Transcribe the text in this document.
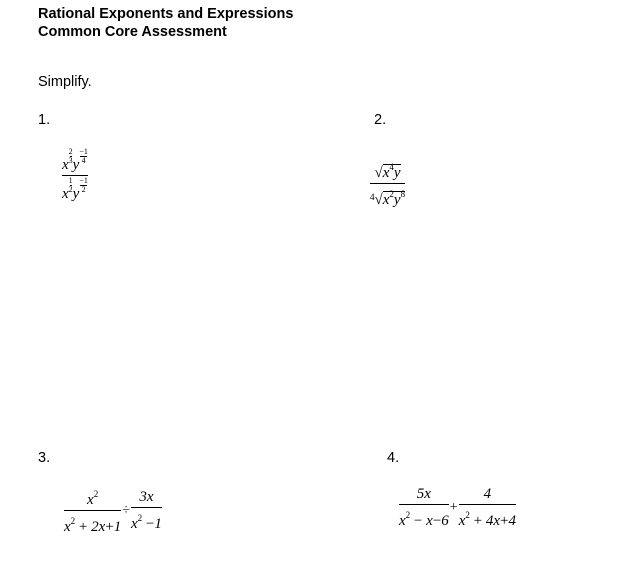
Rational Exponents and Expressions
Common Core Assessment
Simplify.
1.
$\frac{x\frac{2}{3}y\frac{-1}{4}}{x\frac{1}{2}y\frac{-1}{2}}$
2.
$\frac{√x^4y}{^4√x^2y^8}$
3.
$\frac{x^2}{x^2 + 2x+1} \div \frac{3x}{x^2 -1}$
4.
$\frac{5x}{x^2 - x-6} + \frac{4}{x^2 + 4x+4}$
